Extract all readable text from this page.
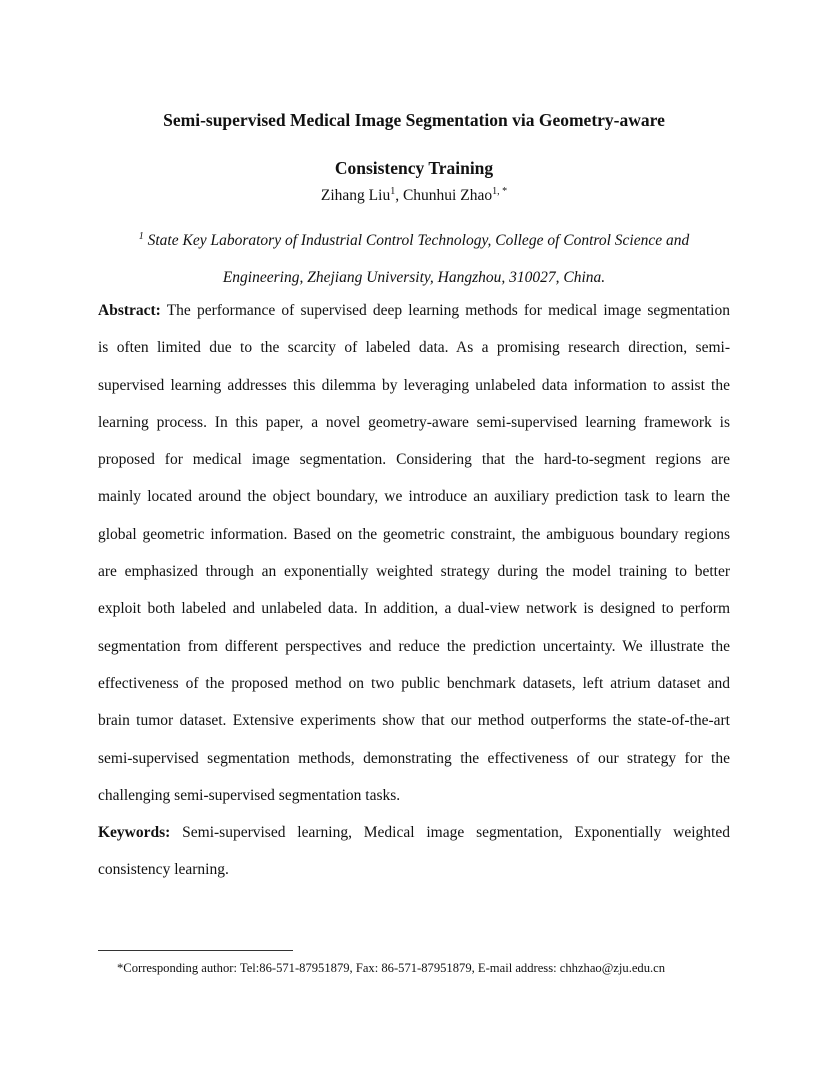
Semi-supervised Medical Image Segmentation via Geometry-aware
Consistency Training
Zihang Liu$^1$, Chunhui Zhao$^{1, *}$
$^1$ State Key Laboratory of Industrial Control Technology, College of Control Science and
Engineering, Zhejiang University, Hangzhou, 310027, China.
Abstract: The performance of supervised deep learning methods for medical image segmentation
is often limited due to the scarcity of labeled data. As a promising research direction, semi-
supervised learning addresses this dilemma by leveraging unlabeled data information to assist the
learning process. In this paper, a novel geometry-aware semi-supervised learning framework is
proposed for medical image segmentation. Considering that the hard-to-segment regions are
mainly located around the object boundary, we introduce an auxiliary prediction task to learn the
global geometric information. Based on the geometric constraint, the ambiguous boundary regions
are emphasized through an exponentially weighted strategy during the model training to better
exploit both labeled and unlabeled data. In addition, a dual-view network is designed to perform
segmentation from different perspectives and reduce the prediction uncertainty. We illustrate the
effectiveness of the proposed method on two public benchmark datasets, left atrium dataset and
brain tumor dataset. Extensive experiments show that our method outperforms the state-of-the-art
semi-supervised segmentation methods, demonstrating the effectiveness of our strategy for the
challenging semi-supervised segmentation tasks.
Keywords: Semi-supervised learning, Medical image segmentation, Exponentially weighted
consistency learning.
*Corresponding author: Tel:86-571-87951879, Fax: 86-571-87951879, E-mail address: chhzhao@zju.edu.cn
